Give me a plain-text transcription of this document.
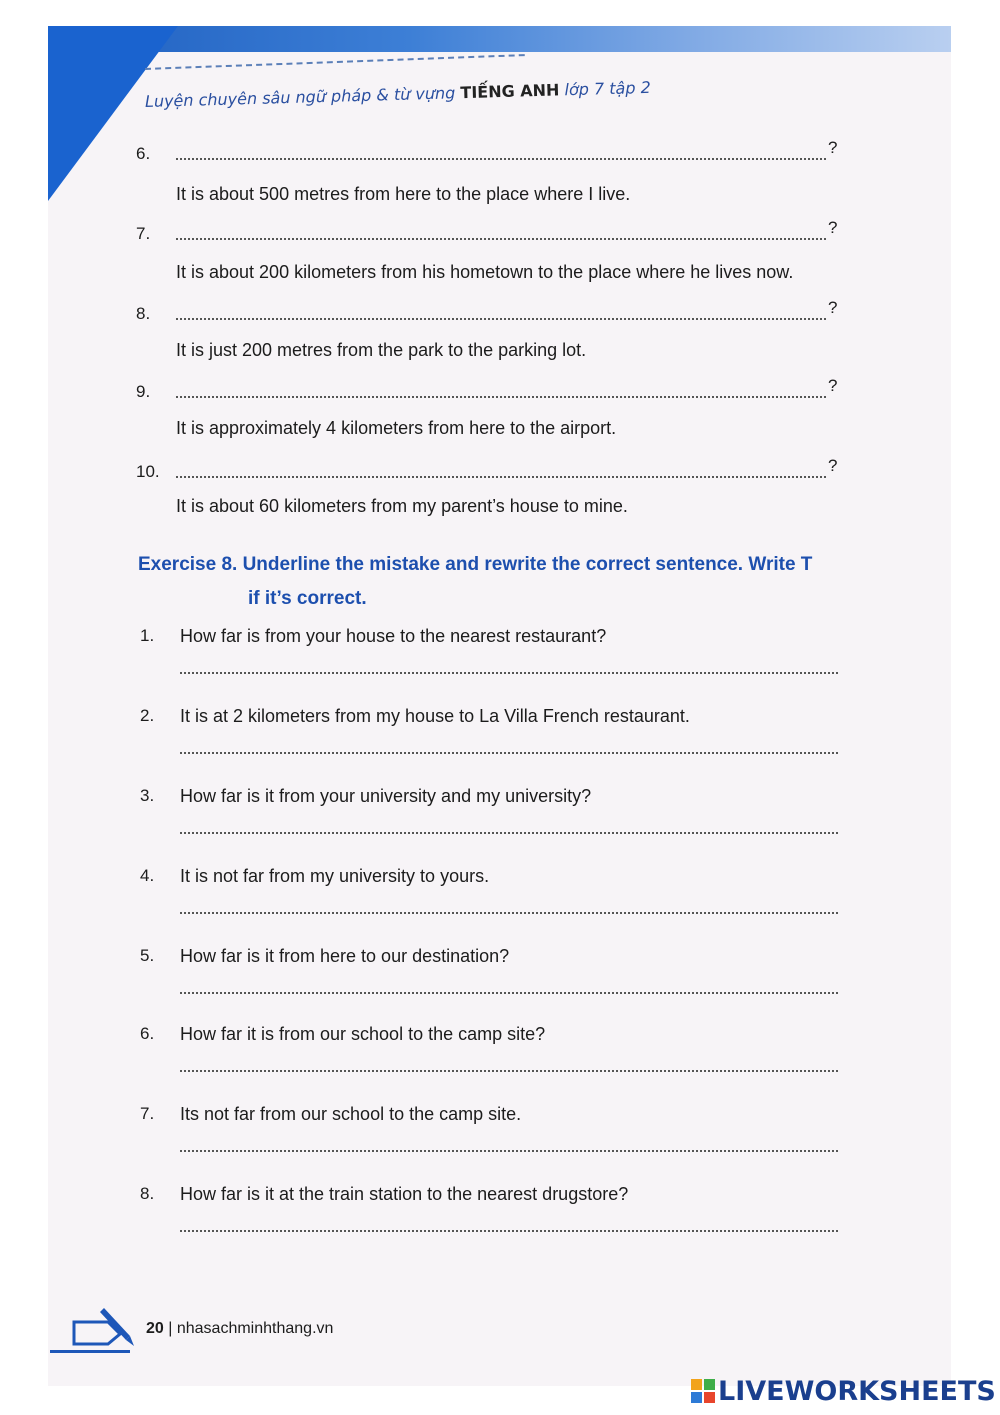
Luyện chuyên sâu ngữ pháp & từ vựng TIẾNG ANH lớp 7 tập 2
6.	?
It is about 500 metres from here to the place where I live.
7.	?
It is about 200 kilometers from his hometown to the place where he lives now.
8.	?
It is just 200 metres from the park to the parking lot.
9.	?
It is approximately 4 kilometers from here to the airport.
10.	?
It is about 60 kilometers from my parent’s house to mine.
Exercise 8. Underline the mistake and rewrite the correct sentence. Write T
if it’s correct.
1. How far is from your house to the nearest restaurant?
2. It is at 2 kilometers from my house to La Villa French restaurant.
3. How far is it from your university and my university?
4. It is not far from my university to yours.
5. How far is it from here to our destination?
6. How far it is from our school to the camp site?
7. Its not far from our school to the camp site.
8. How far is it at the train station to the nearest drugstore?
20 | nhasachminhthang.vn
LIVEWORKSHEETS
